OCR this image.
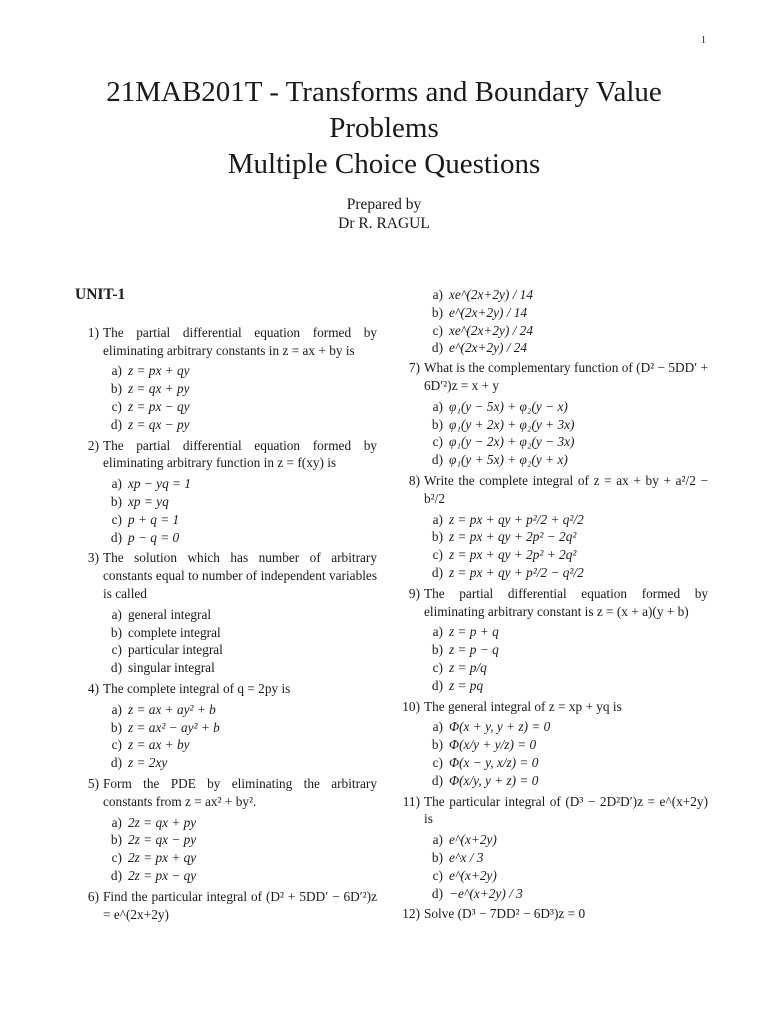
1
21MAB201T - Transforms and Boundary Value
Problems
Multiple Choice Questions
Prepared by
Dr R. RAGUL
UNIT-1
1) The partial differential equation formed by eliminating arbitrary constants in z = ax + by is
a) z = px + qy
b) z = qx + py
c) z = px − qy
d) z = qx − py
2) The partial differential equation formed by eliminating arbitrary function in z = f(xy) is
a) xp − yq = 1
b) xp = yq
c) p + q = 1
d) p − q = 0
3) The solution which has number of arbitrary constants equal to number of independent variables is called
a) general integral
b) complete integral
c) particular integral
d) singular integral
4) The complete integral of q = 2py is
a) z = ax + ay² + b
b) z = ax² − ay² + b
c) z = ax + by
d) z = 2xy
5) Form the PDE by eliminating the arbitrary constants from z = ax² + by².
a) 2z = qx + py
b) 2z = qx − py
c) 2z = px + qy
d) 2z = px − qy
6) Find the particular integral of (D² + 5DD′ − 6D′²)z = e^(2x+2y)
a) xe^(2x+2y) / 14
b) e^(2x+2y) / 14
c) xe^(2x+2y) / 24
d) e^(2x+2y) / 24
7) What is the complementary function of (D² − 5DD′ + 6D′²)z = x + y
a) φ₁(y − 5x) + φ₂(y − x)
b) φ₁(y + 2x) + φ₂(y + 3x)
c) φ₁(y − 2x) + φ₂(y − 3x)
d) φ₁(y + 5x) + φ₂(y + x)
8) Write the complete integral of z = ax + by + a²/2 − b²/2
a) z = px + qy + p²/2 + q²/2
b) z = px + qy + 2p² − 2q²
c) z = px + qy + 2p² + 2q²
d) z = px + qy + p²/2 − q²/2
9) The partial differential equation formed by eliminating arbitrary constant is z = (x + a)(y + b)
a) z = p + q
b) z = p − q
c) z = p/q
d) z = pq
10) The general integral of z = xp + yq is
a) Φ(x + y, y + z) = 0
b) Φ(x/y + y/z) = 0
c) Φ(x − y, x/z) = 0
d) Φ(x/y, y + z) = 0
11) The particular integral of (D³ − 2D²D′)z = e^(x+2y) is
a) e^(x+2y)
b) e^x / 3
c) e^(x+2y)
d) −e^(x+2y) / 3
12) Solve (D³ − 7DD² − 6D³)z = 0
